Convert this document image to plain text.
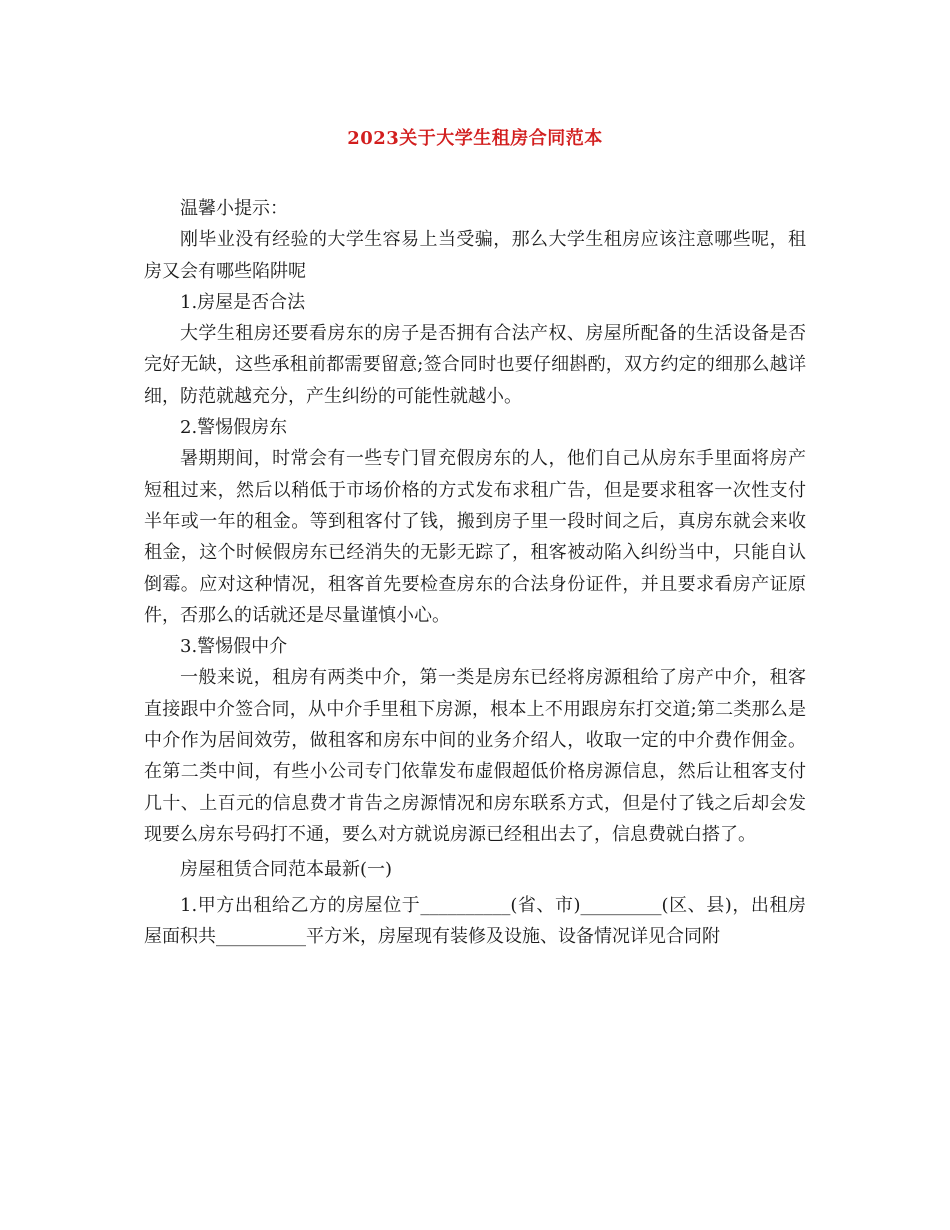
2023关于大学生租房合同范本

温馨小提示：

刚毕业没有经验的大学生容易上当受骗，那么大学生租房应该注意哪些呢，租房又会有哪些陷阱呢

1.房屋是否合法

大学生租房还要看房东的房子是否拥有合法产权、房屋所配备的生活设备是否完好无缺，这些承租前都需要留意;签合同时也要仔细斟酌，双方约定的细那么越详细，防范就越充分，产生纠纷的可能性就越小。

2.警惕假房东

暑期期间，时常会有一些专门冒充假房东的人，他们自己从房东手里面将房产短租过来，然后以稍低于市场价格的方式发布求租广告，但是要求租客一次性支付半年或一年的租金。等到租客付了钱，搬到房子里一段时间之后，真房东就会来收租金，这个时候假房东已经消失的无影无踪了，租客被动陷入纠纷当中，只能自认倒霉。应对这种情况，租客首先要检查房东的合法身份证件，并且要求看房产证原件，否那么的话就还是尽量谨慎小心。

3.警惕假中介

一般来说，租房有两类中介，第一类是房东已经将房源租给了房产中介，租客直接跟中介签合同，从中介手里租下房源，根本上不用跟房东打交道;第二类那么是中介作为居间效劳，做租客和房东中间的业务介绍人，收取一定的中介费作佣金。在第二类中间，有些小公司专门依靠发布虚假超低价格房源信息，然后让租客支付几十、上百元的信息费才肯告之房源情况和房东联系方式，但是付了钱之后却会发现要么房东号码打不通，要么对方就说房源已经租出去了，信息费就白搭了。

房屋租赁合同范本最新(一)

1.甲方出租给乙方的房屋位于__________(省、市)_________(区、县)，出租房屋面积共__________平方米，房屋现有装修及设施、设备情况详见合同附
